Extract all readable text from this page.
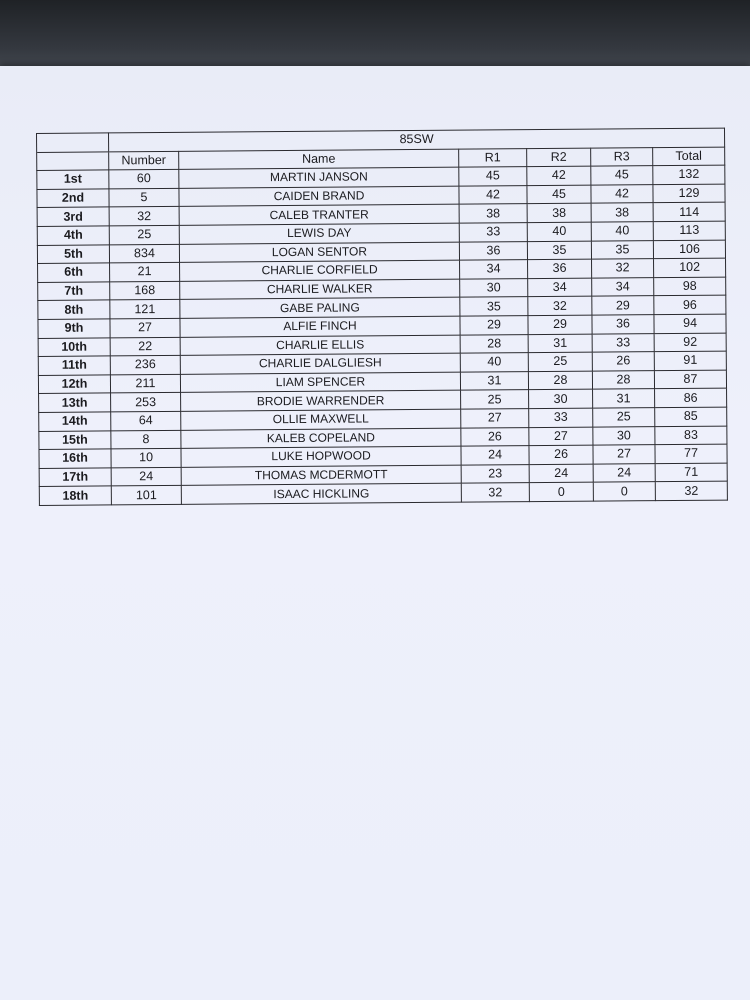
	85SW					
	Number	Name	R1	R2	R3	Total
1st	60	MARTIN JANSON	45	42	45	132
2nd	5	CAIDEN BRAND	42	45	42	129
3rd	32	CALEB TRANTER	38	38	38	114
4th	25	LEWIS DAY	33	40	40	113
5th	834	LOGAN SENTOR	36	35	35	106
6th	21	CHARLIE CORFIELD	34	36	32	102
7th	168	CHARLIE WALKER	30	34	34	98
8th	121	GABE PALING	35	32	29	96
9th	27	ALFIE FINCH	29	29	36	94
10th	22	CHARLIE ELLIS	28	31	33	92
11th	236	CHARLIE DALGLIESH	40	25	26	91
12th	211	LIAM SPENCER	31	28	28	87
13th	253	BRODIE WARRENDER	25	30	31	86
14th	64	OLLIE MAXWELL	27	33	25	85
15th	8	KALEB COPELAND	26	27	30	83
16th	10	LUKE HOPWOOD	24	26	27	77
17th	24	THOMAS MCDERMOTT	23	24	24	71
18th	101	ISAAC HICKLING	32	0	0	32
